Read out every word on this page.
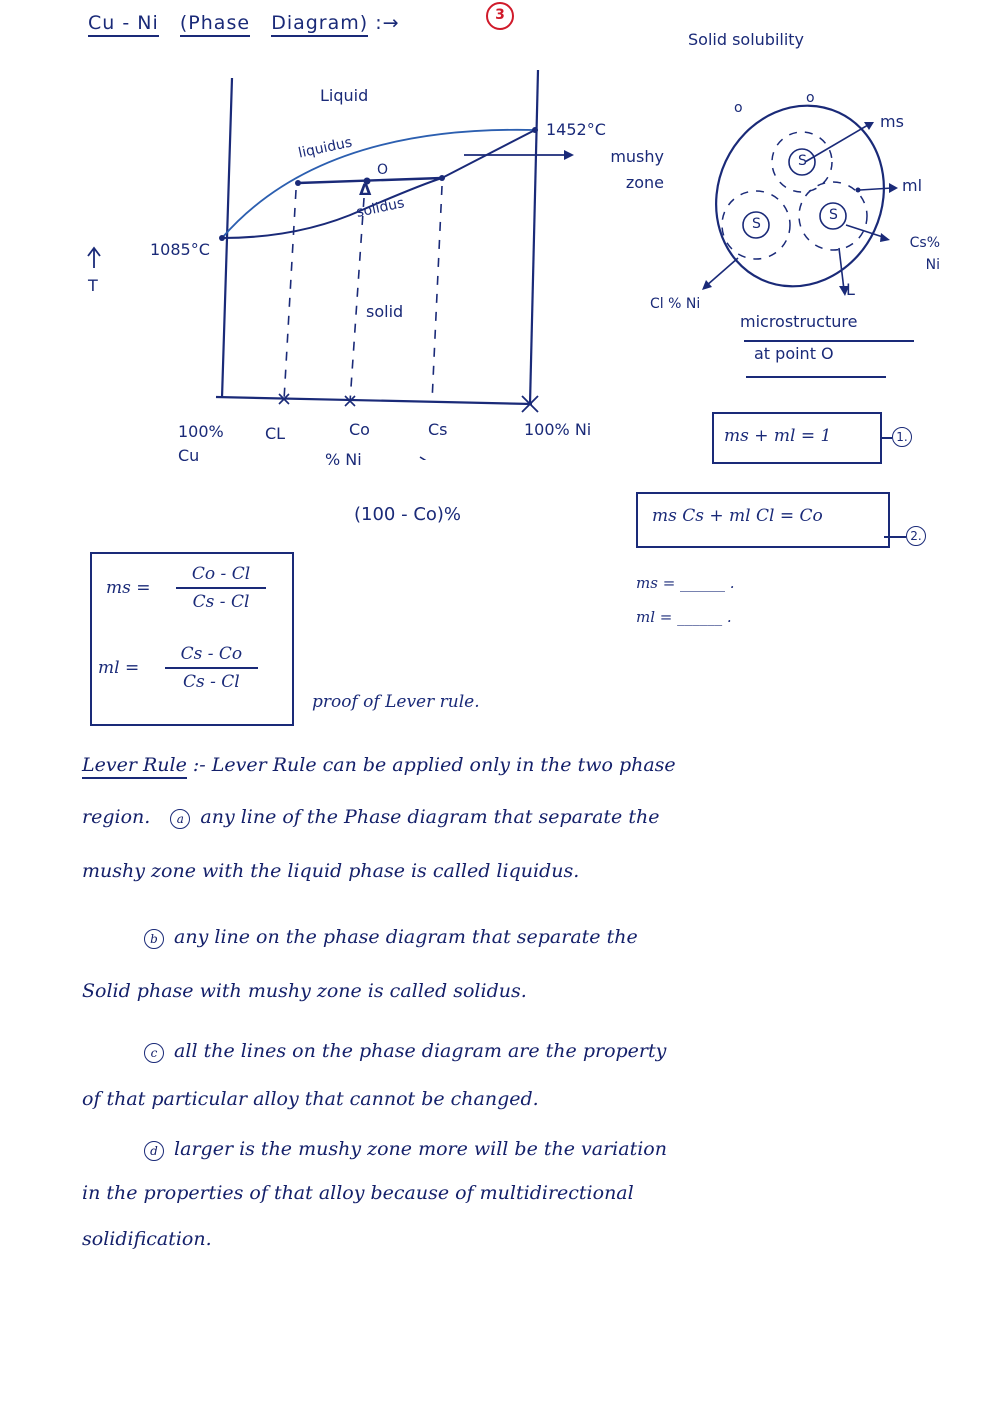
Cu - Ni (Phase Diagram) :→	3
Liquid
liquidus
O
Δ
solidus
solid
1452°C
mushy zone
1085°C
T
100% Cu
CL	Co	Cs	100% Ni
% Ni
(100 - Co)%
Solid solubility
o
o
S
S
S
ms
ml
Cs% Ni
L
Cl % Ni
microstructure
at point O
ms + ml = 1	1.
ms Cs + ml Cl = Co
2.
ms = ______ .
ml = ______ .
ms = $\frac{Co - Cl}{Cs - Cl}$
ml = $\frac{Cs - Co}{Cs - Cl}$
proof of Lever rule.
Lever Rule :- Lever Rule can be applied only in the two phase
region. a any line of the Phase diagram that separate the
mushy zone with the liquid phase is called liquidus.
b any line on the phase diagram that separate the
Solid phase with mushy zone is called solidus.
c all the lines on the phase diagram are the property
of that particular alloy that cannot be changed.
d larger is the mushy zone more will be the variation
in the properties of that alloy because of multidirectional
solidification.
